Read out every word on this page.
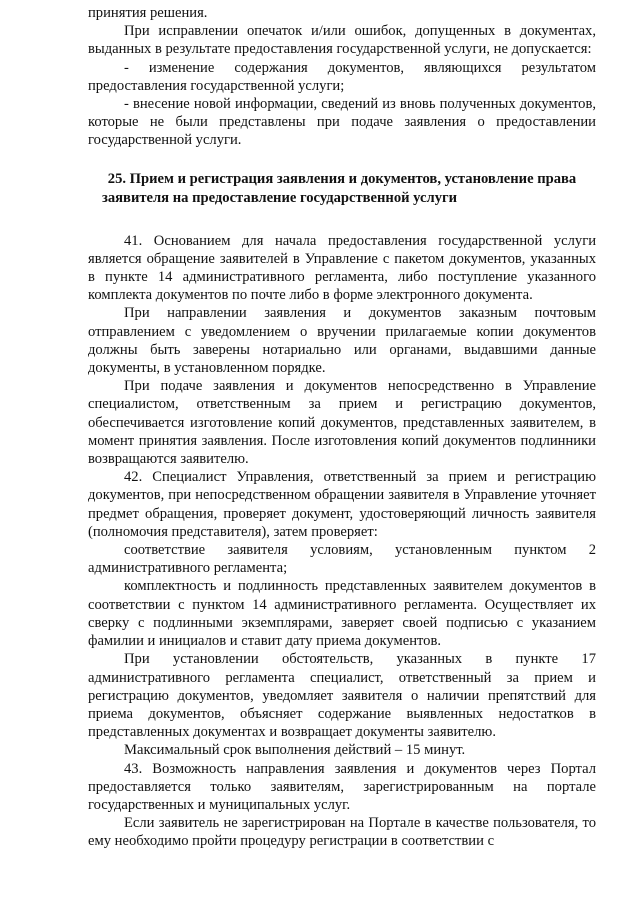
принятия решения.

При исправлении опечаток и/или ошибок, допущенных в документах, выданных в результате предоставления государственной услуги, не допускается:

- изменение содержания документов, являющихся результатом предоставления государственной услуги;

- внесение новой информации, сведений из вновь полученных документов, которые не были представлены при подаче заявления о предоставлении государственной услуги.

25. Прием и регистрация заявления и документов, установление права заявителя на предоставление государственной услуги

41. Основанием для начала предоставления государственной услуги является обращение заявителей в Управление с пакетом документов, указанных в пункте 14 административного регламента, либо поступление указанного комплекта документов по почте либо в форме электронного документа.

При направлении заявления и документов заказным почтовым отправлением с уведомлением о вручении прилагаемые копии документов должны быть заверены нотариально или органами, выдавшими данные документы, в установленном порядке.

При подаче заявления и документов непосредственно в Управление специалистом, ответственным за прием и регистрацию документов, обеспечивается изготовление копий документов, представленных заявителем, в момент принятия заявления. После изготовления копий документов подлинники возвращаются заявителю.

42. Специалист Управления, ответственный за прием и регистрацию документов, при непосредственном обращении заявителя в Управление уточняет предмет обращения, проверяет документ, удостоверяющий личность заявителя (полномочия представителя), затем проверяет:

соответствие заявителя условиям, установленным пунктом 2 административного регламента;

комплектность и подлинность представленных заявителем документов в соответствии с пунктом 14 административного регламента. Осуществляет их сверку с подлинными экземплярами, заверяет своей подписью с указанием фамилии и инициалов и ставит дату приема документов.

При установлении обстоятельств, указанных в пункте 17 административного регламента специалист, ответственный за прием и регистрацию документов, уведомляет заявителя о наличии препятствий для приема документов, объясняет содержание выявленных недостатков в представленных документах и возвращает документы заявителю.

Максимальный срок выполнения действий – 15 минут.

43. Возможность направления заявления и документов через Портал предоставляется только заявителям, зарегистрированным на портале государственных и муниципальных услуг.

Если заявитель не зарегистрирован на Портале в качестве пользователя, то ему необходимо пройти процедуру регистрации в соответствии с
